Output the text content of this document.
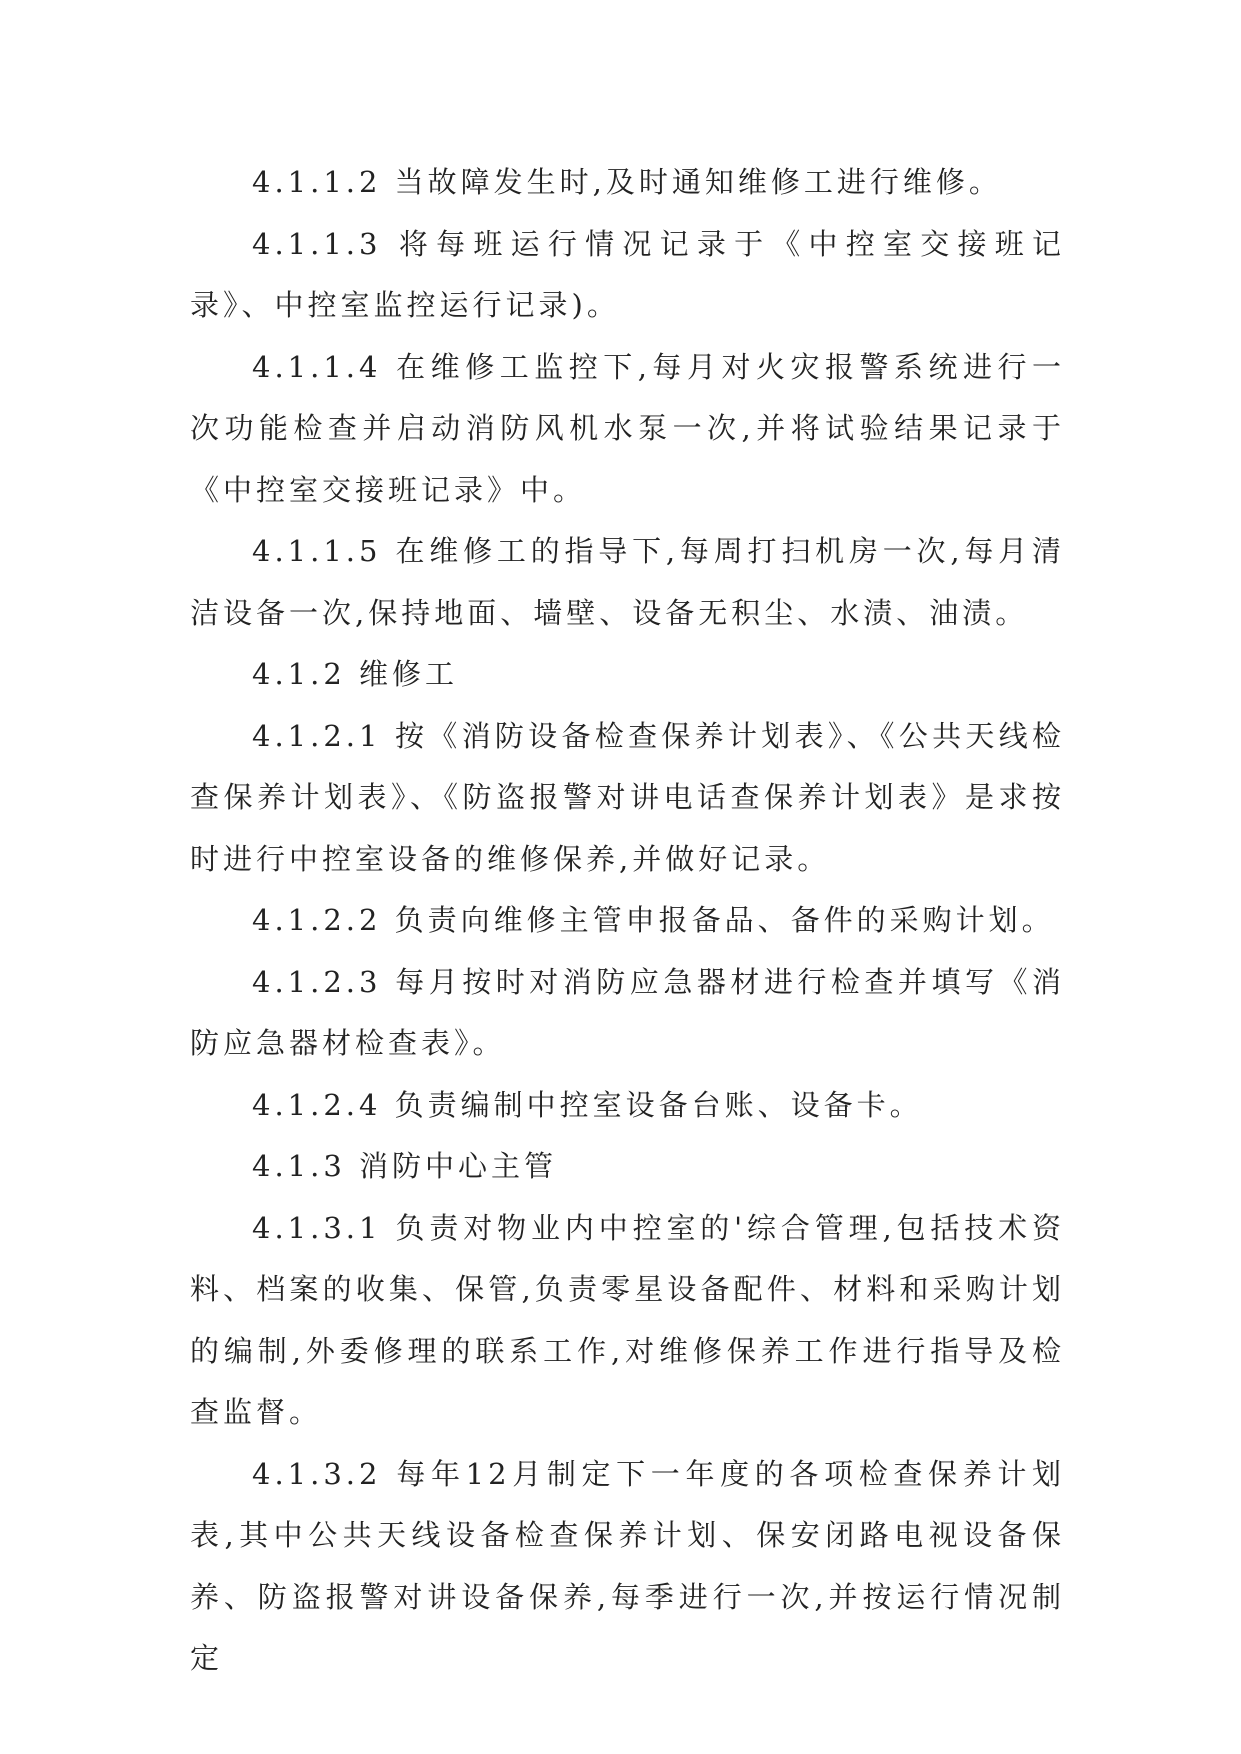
4.1.1.2 当故障发生时,及时通知维修工进行维修。

4.1.1.3 将每班运行情况记录于《中控室交接班记录》、中控室监控运行记录)。

4.1.1.4 在维修工监控下,每月对火灾报警系统进行一次功能检查并启动消防风机水泵一次,并将试验结果记录于《中控室交接班记录》中。

4.1.1.5 在维修工的指导下,每周打扫机房一次,每月清洁设备一次,保持地面、墙壁、设备无积尘、水渍、油渍。

4.1.2 维修工

4.1.2.1 按《消防设备检查保养计划表》、《公共天线检查保养计划表》、《防盗报警对讲电话查保养计划表》是求按时进行中控室设备的维修保养,并做好记录。

4.1.2.2 负责向维修主管申报备品、备件的采购计划。

4.1.2.3 每月按时对消防应急器材进行检查并填写《消防应急器材检查表》。

4.1.2.4 负责编制中控室设备台账、设备卡。

4.1.3 消防中心主管

4.1.3.1 负责对物业内中控室的'综合管理,包括技术资料、档案的收集、保管,负责零星设备配件、材料和采购计划的编制,外委修理的联系工作,对维修保养工作进行指导及检查监督。

4.1.3.2 每年12月制定下一年度的各项检查保养计划表,其中公共天线设备检查保养计划、保安闭路电视设备保养、防盗报警对讲设备保养,每季进行一次,并按运行情况制定
